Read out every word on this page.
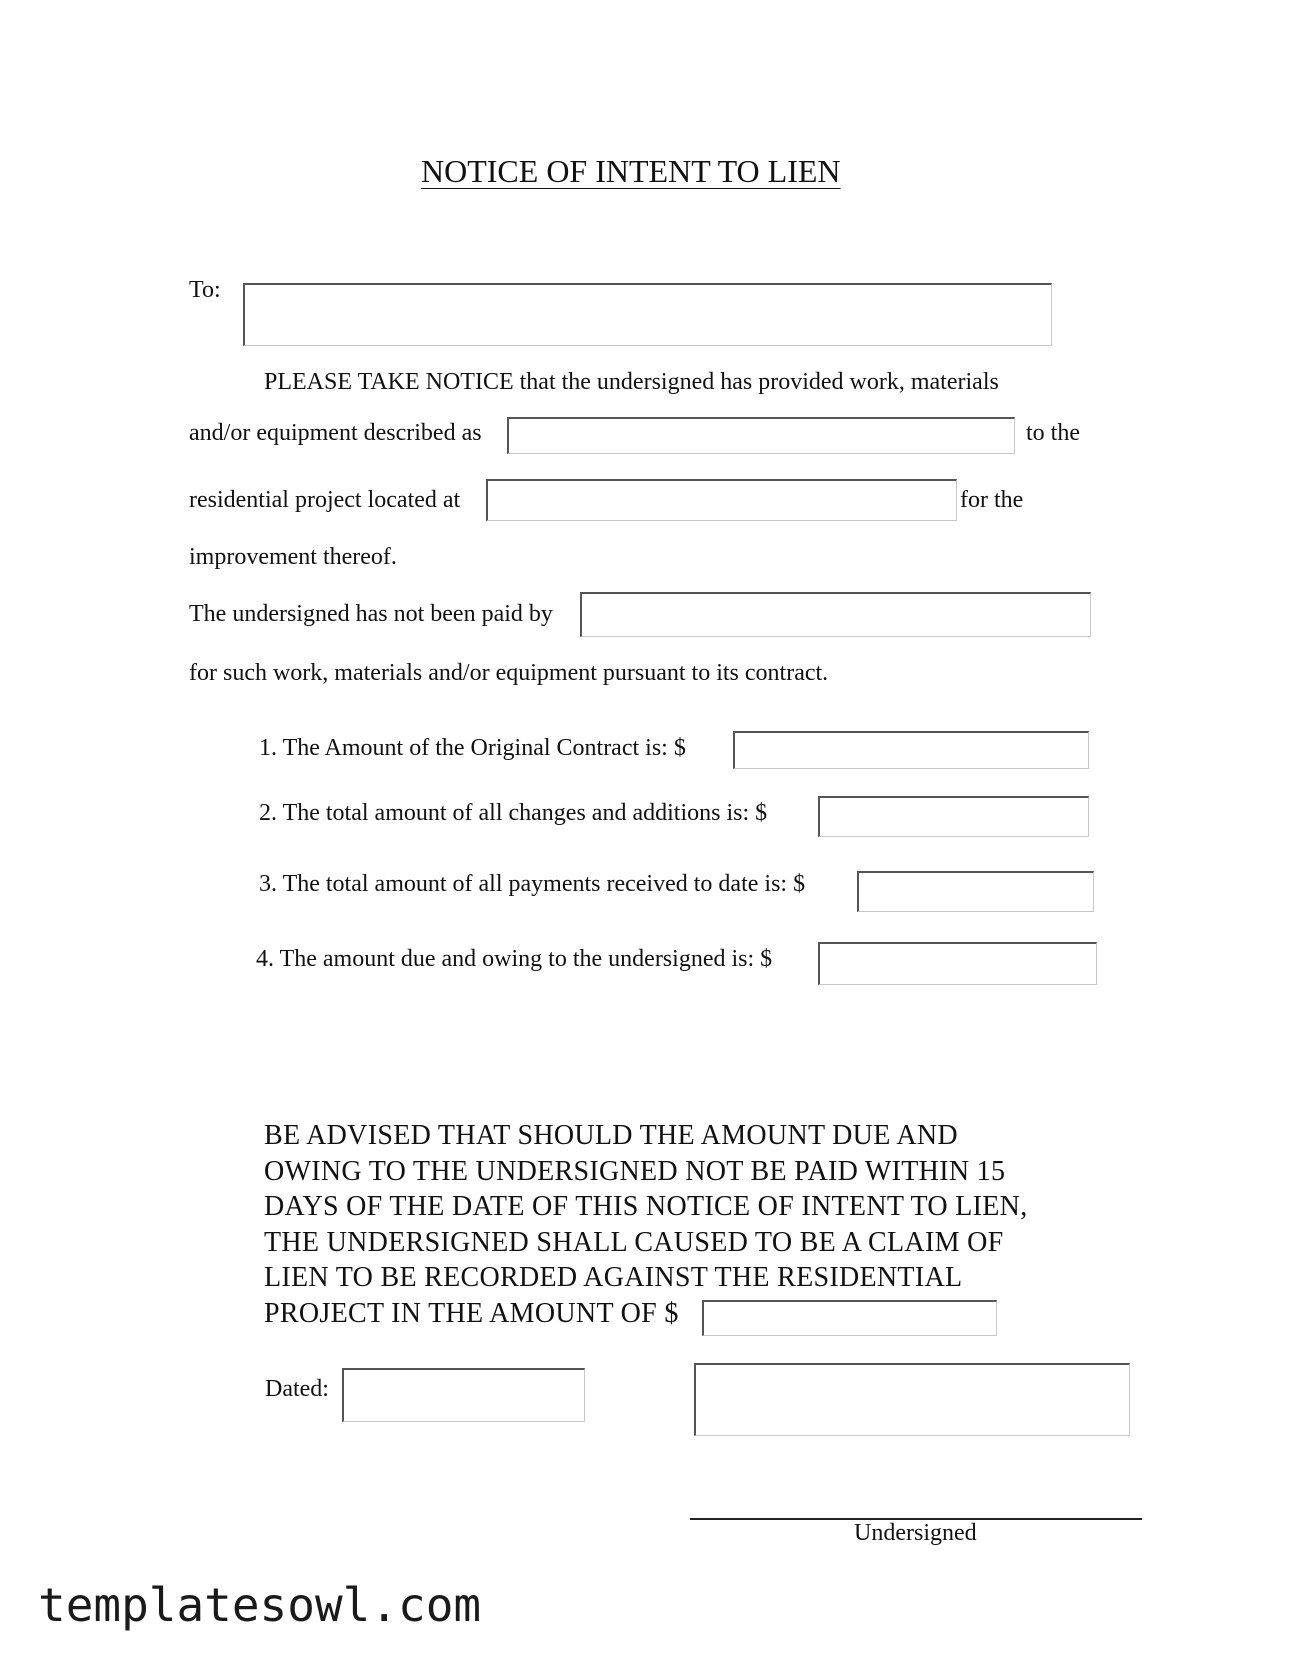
NOTICE OF INTENT TO LIEN
To:
PLEASE TAKE NOTICE that the undersigned has provided work, materials
and/or equipment described as	to the
residential project located at	for the
improvement thereof.
The undersigned has not been paid by
for such work, materials and/or equipment pursuant to its contract.
1. The Amount of the Original Contract is: $
2. The total amount of all changes and additions is: $
3. The total amount of all payments received to date is: $
4. The amount due and owing to the undersigned is: $
BE ADVISED THAT SHOULD THE AMOUNT DUE AND
OWING TO THE UNDERSIGNED NOT BE PAID WITHIN 15
DAYS OF THE DATE OF THIS NOTICE OF INTENT TO LIEN,
THE UNDERSIGNED SHALL CAUSED TO BE A CLAIM OF
LIEN TO BE RECORDED AGAINST THE RESIDENTIAL
PROJECT IN THE AMOUNT OF $
Dated:
Undersigned
templatesowl.com
